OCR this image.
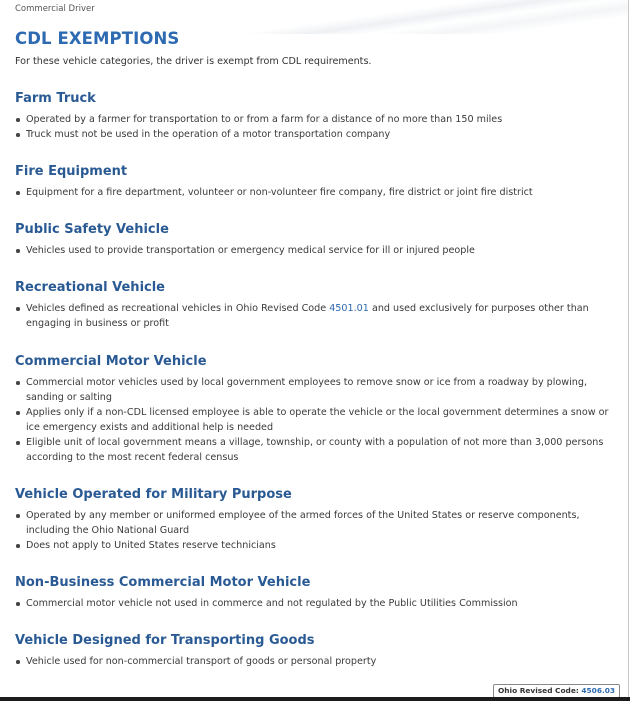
Commercial Driver
CDL EXEMPTIONS

For these vehicle categories, the driver is exempt from CDL requirements.

Farm Truck
Operated by a farmer for transportation to or from a farm for a distance of no more than 150 miles
Truck must not be used in the operation of a motor transportation company
Fire Equipment
Equipment for a fire department, volunteer or non-volunteer fire company, fire district or joint fire district
Public Safety Vehicle
Vehicles used to provide transportation or emergency medical service for ill or injured people
Recreational Vehicle
Vehicles defined as recreational vehicles in Ohio Revised Code 4501.01 and used exclusively for purposes other than engaging in business or profit
Commercial Motor Vehicle
Commercial motor vehicles used by local government employees to remove snow or ice from a roadway by plowing, sanding or salting
Applies only if a non-CDL licensed employee is able to operate the vehicle or the local government determines a snow or ice emergency exists and additional help is needed
Eligible unit of local government means a village, township, or county with a population of not more than 3,000 persons according to the most recent federal census
Vehicle Operated for Military Purpose
Operated by any member or uniformed employee of the armed forces of the United States or reserve components, including the Ohio National Guard
Does not apply to United States reserve technicians
Non-Business Commercial Motor Vehicle
Commercial motor vehicle not used in commerce and not regulated by the Public Utilities Commission
Vehicle Designed for Transporting Goods
Vehicle used for non-commercial transport of goods or personal property
Ohio Revised Code: 4506.03
